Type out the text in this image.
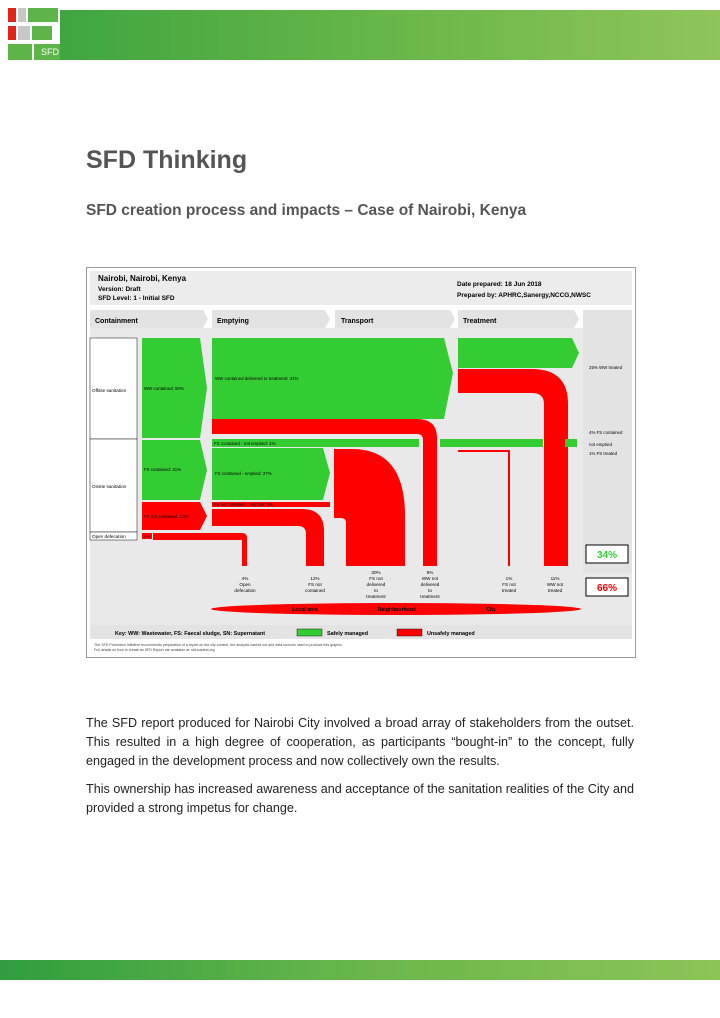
SFD
SFD Thinking
SFD creation process and impacts – Case of Nairobi, Kenya
Nairobi, Nairobi, Kenya
Version: Draft
SFD Level: 1 - Initial SFD
Date prepared: 18 Jun 2018
Prepared by: APHRC,Sanergy,NCCG,NWSC
Containment	Emptying	Transport	Treatment
Offsite sanitation
Onsite sanitation
Open defecation
WW contained: 50%
WW contained delivered to treatment: 41%
25% WW treated
FS contained - not emptied: 4%
4% FS contained
not emptied
1% FS treated
FS contained: 31%
FS contained - emptied: 27%
FS not contained - emptied: 8%
FS not contained: 13%
4%
34%
66%
4%
Open
defecation
12%
FS not
contained
30%
FS not
delivered
to
treatment
9%
WW not
delivered
to
treatment
1%
FS not
treated
11%
WW not
treated
Local area	Neighbourhood	City
Key: WW: Wastewater, FS: Faecal sludge, SN: Supernatant	Safely managed	Unsafely managed
The SFD Promotion Initiative recommends preparation of a report on the city context, the analysis carried out and data sources used to produce this graphic.
Full details on how to create an SFD Report are available at: sfd.susana.org

The SFD report produced for Nairobi City involved a broad array of stakeholders from the outset. This resulted in a high degree of cooperation, as participants “bought-in” to the concept, fully engaged in the development process and now collectively own the results.

This ownership has increased awareness and acceptance of the sanitation realities of the City and provided a strong impetus for change.
